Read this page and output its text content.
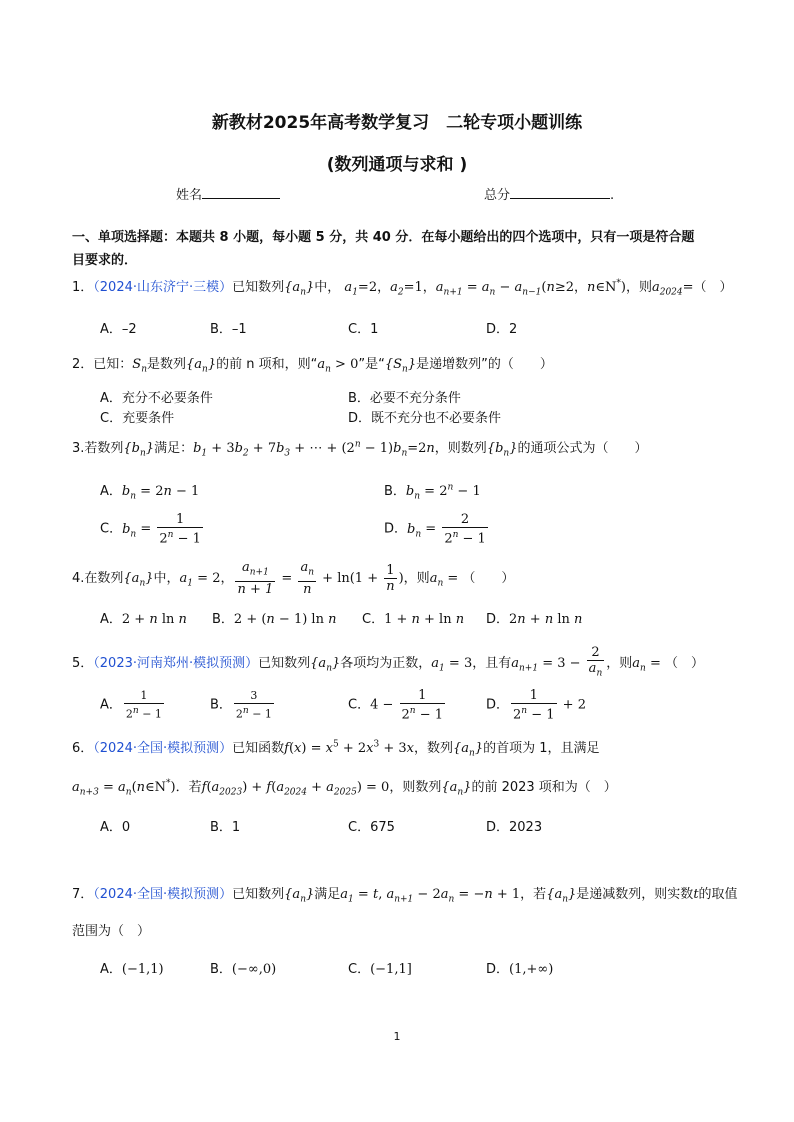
新教材2025年高考数学复习　二轮专项小题训练
(数列通项与求和 )
姓名	总分	.
一、单项选择题：本题共 8 小题，每小题 5 分，共 40 分．在每小题给出的四个选项中，只有一项是符合题
目要求的．
1．（2024·山东济宁·三模）已知数列$\{a_n\}$中， $a_1=2$，$a_2=1$，$a_{n+1} = a_n - a_{n-1}(n\ge 2$，n∈N*)，则$a_{2024}=$（　）
A．–2	B．–1	C．1	D．2
2．已知：$S_n$是数列$\{a_n\}$的前 n 项和，则“$a_n > 0$”是“$\{S_n\}$是递增数列”的（　　）
A．充分不必要条件	B．必要不充分条件
C．充要条件	D．既不充分也不必要条件
3.若数列$\{b_n\}$满足：$b_1 + 3b_2 + 7b_3$ + ⋯ + $(2^n - 1)b_n=2n$，则数列$\{b_n\}$的通项公式为（　　）
A．$b_n = 2n - 1$	B．$b_n = 2^n - 1$
C．$b_n = \frac{1}{2^n - 1}$	D．$b_n = \frac{2}{2^n - 1}$
4.在数列$\{a_n\}$中，$a_1 = 2$， $\frac{a_{n+1}}{n + 1} = \frac{a_n}{n} + \ln(1 + \frac{1}{n}$ )，则$a_n$ = （　　）
A．2 + n ln n B．2 + (n − 1) ln n C．1 + n + ln n D．2n + n ln n
5．（2023·河南郑州·模拟预测）已知数列$\{a_n\}$各项均为正数，$a_1 = 3$，且有$a_{n+1} = 3 - \frac{2}{a_n}$ ，则$a_n$ = （　）
A． $\frac{1}{2^n - 1}$	B． $\frac{3}{2^n - 1}$	C．$4 - \frac{1}{2^n - 1}$	D． $\frac{1}{2^n - 1} + 2$
6．（2024·全国·模拟预测）已知函数$f(x) = x^5 + 2x^3 + 3x$，数列$\{a_n\}$的首项为 1，且满足
$a_{n+3}$ = $a_n(n\in N^*)$．若$f(a_{2023}) + f(a_{2024} + a_{2025}) = 0$，则数列$\{a_n\}$的前 2023 项和为（　）
A．0	B．1	C．675	D．2023
7．（2024·全国·模拟预测）已知数列$\{a_n\}$满足$a_1 = t$, $a_{n+1} - 2a_n = -n + 1$，若$\{a_n\}$是递减数列，则实数t的取值
范围为（　）
A．(−1,1)	B．(−∞,0)	C．(−1,1]	D．(1,+∞)
1
